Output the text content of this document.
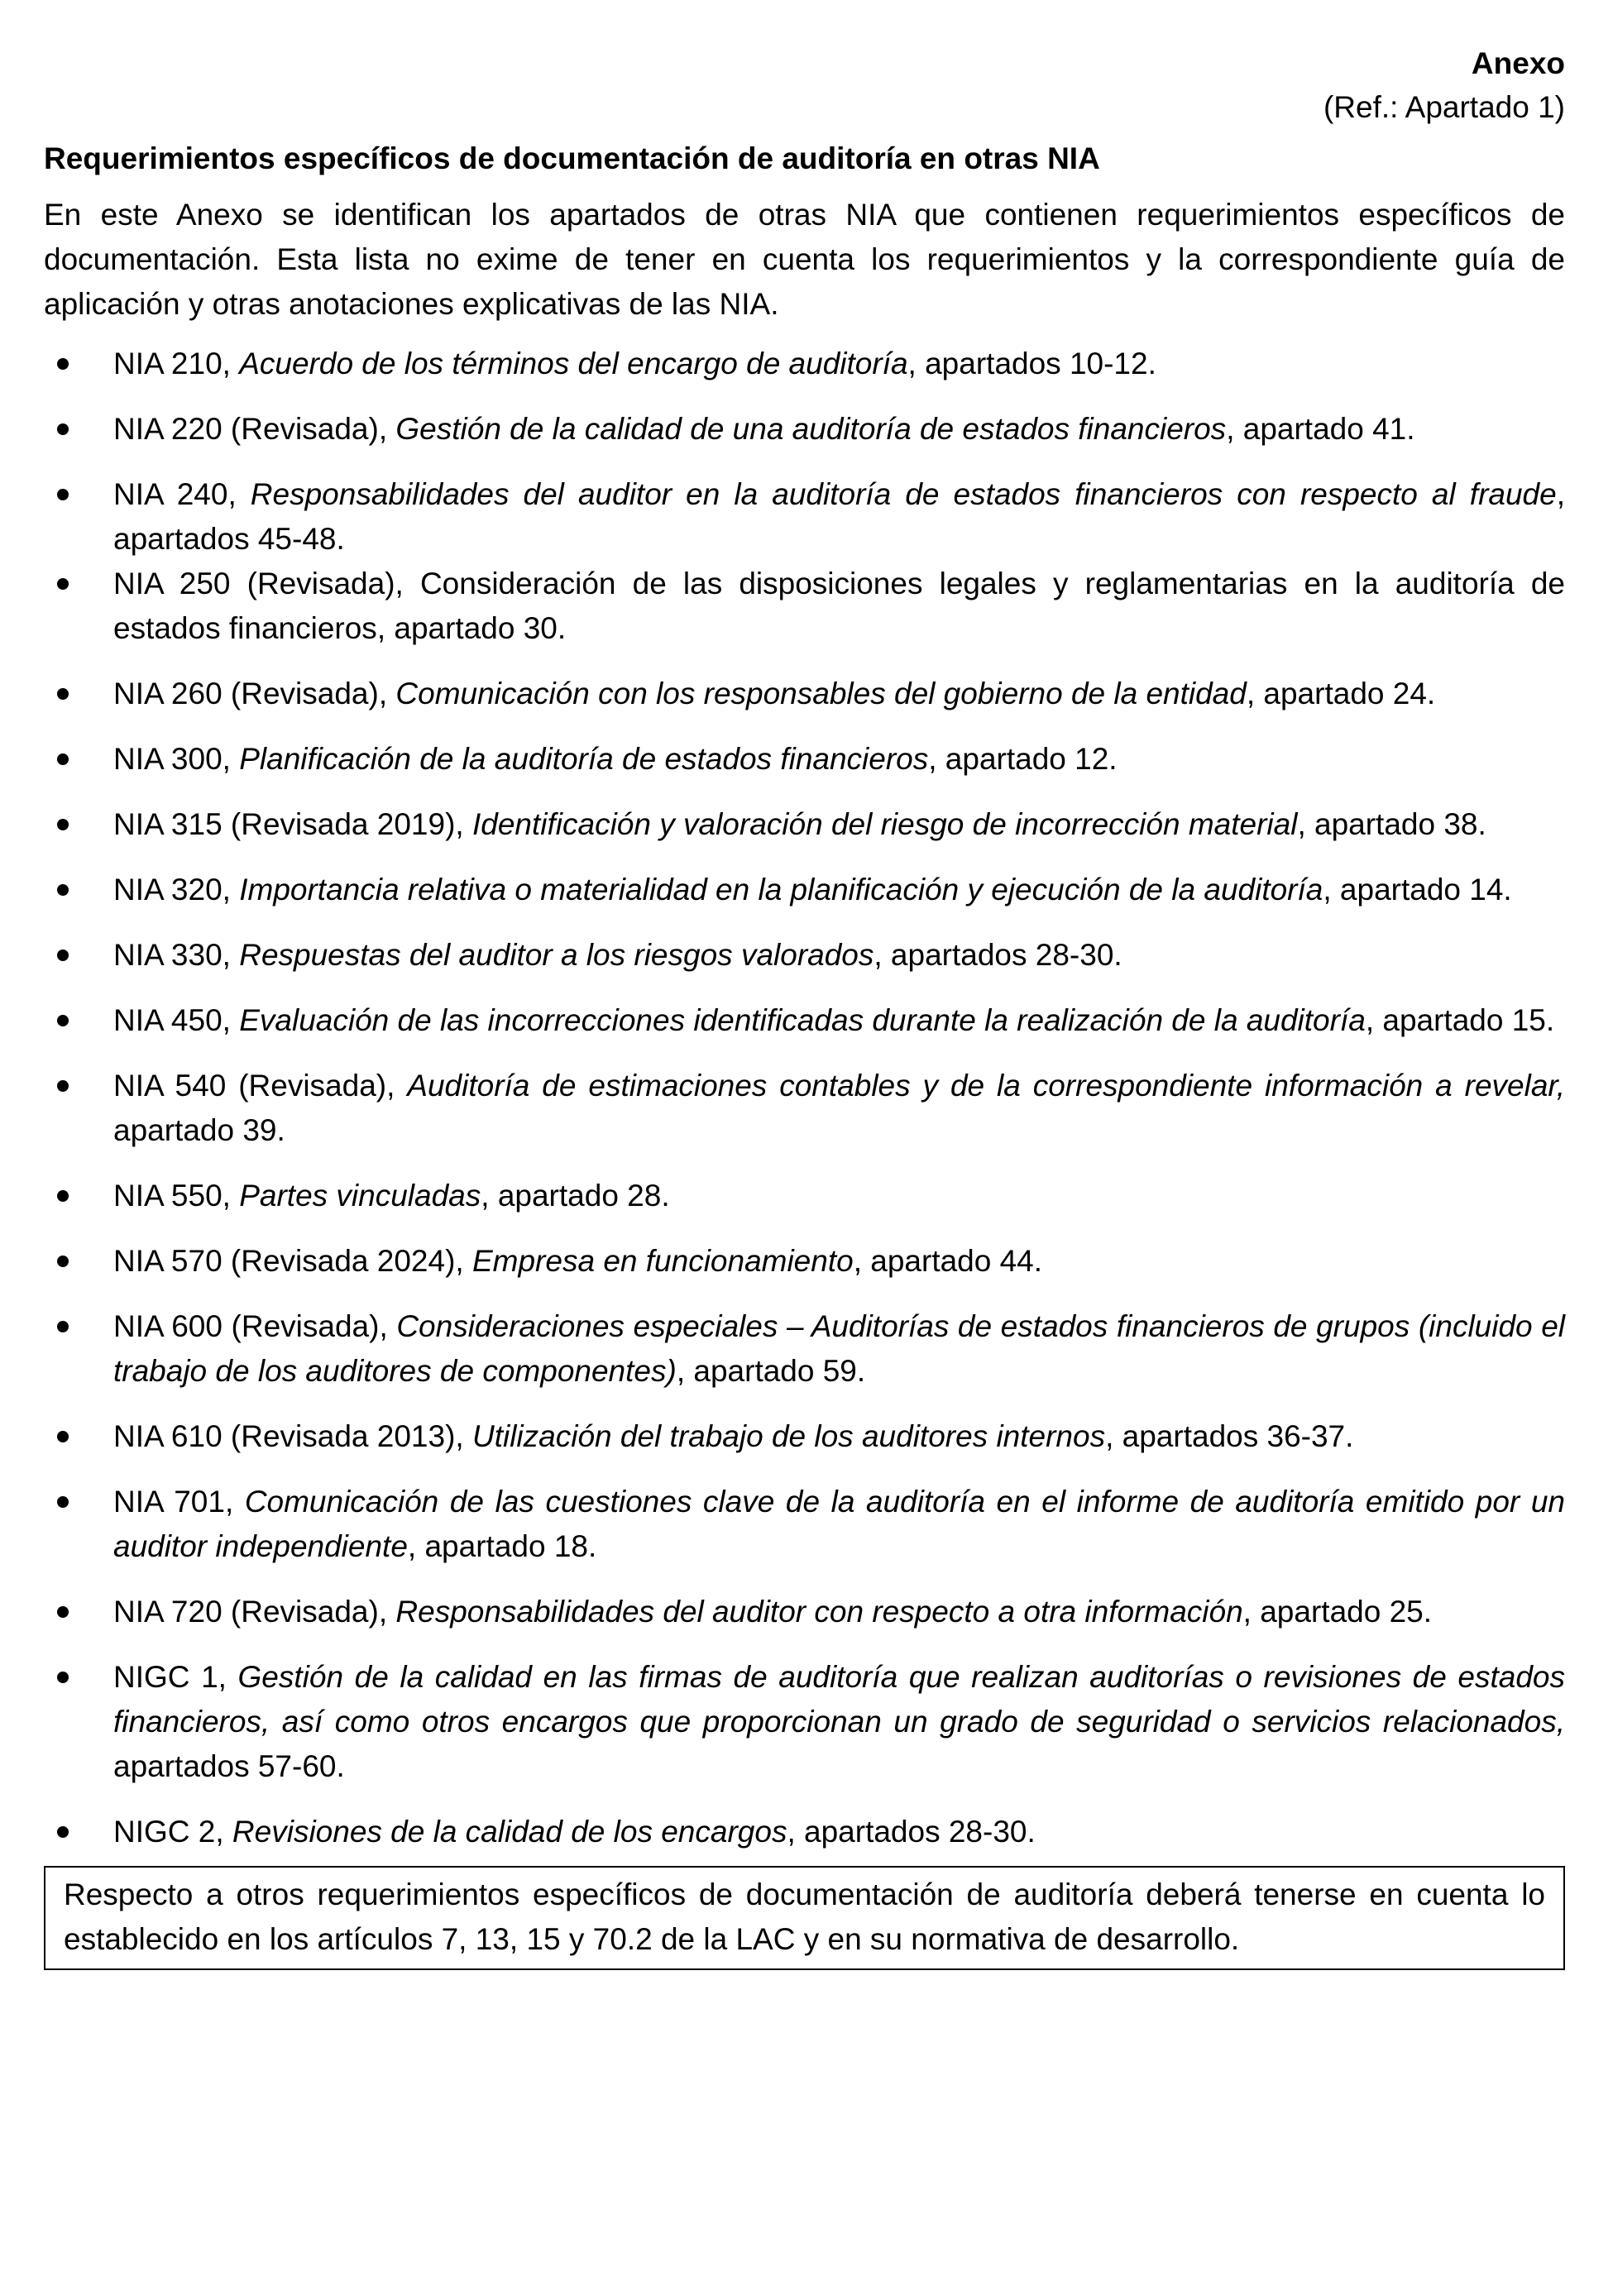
Anexo

(Ref.: Apartado 1)

Requerimientos específicos de documentación de auditoría en otras NIA

En este Anexo se identifican los apartados de otras NIA que contienen requerimientos específicos de documentación. Esta lista no exime de tener en cuenta los requerimientos y la correspondiente guía de aplicación y otras anotaciones explicativas de las NIA.

NIA 210, Acuerdo de los términos del encargo de auditoría, apartados 10-12.
NIA 220 (Revisada), Gestión de la calidad de una auditoría de estados financieros, apartado 41.
NIA 240, Responsabilidades del auditor en la auditoría de estados financieros con respecto al fraude, apartados 45-48.
NIA 250 (Revisada), Consideración de las disposiciones legales y reglamentarias en la auditoría de estados financieros, apartado 30.
NIA 260 (Revisada), Comunicación con los responsables del gobierno de la entidad, apartado 24.
NIA 300, Planificación de la auditoría de estados financieros, apartado 12.
NIA 315 (Revisada 2019), Identificación y valoración del riesgo de incorrección material, apartado 38.
NIA 320, Importancia relativa o materialidad en la planificación y ejecución de la auditoría, apartado 14.
NIA 330, Respuestas del auditor a los riesgos valorados, apartados 28-30.
NIA 450, Evaluación de las incorrecciones identificadas durante la realización de la auditoría, apartado 15.
NIA 540 (Revisada), Auditoría de estimaciones contables y de la correspondiente información a revelar, apartado 39.
NIA 550, Partes vinculadas, apartado 28.
NIA 570 (Revisada 2024), Empresa en funcionamiento, apartado 44.
NIA 600 (Revisada), Consideraciones especiales – Auditorías de estados financieros de grupos (incluido el trabajo de los auditores de componentes), apartado 59.
NIA 610 (Revisada 2013), Utilización del trabajo de los auditores internos, apartados 36-37.
NIA 701, Comunicación de las cuestiones clave de la auditoría en el informe de auditoría emitido por un auditor independiente, apartado 18.
NIA 720 (Revisada), Responsabilidades del auditor con respecto a otra información, apartado 25.
NIGC 1, Gestión de la calidad en las firmas de auditoría que realizan auditorías o revisiones de estados financieros, así como otros encargos que proporcionan un grado de seguridad o servicios relacionados, apartados 57-60.
NIGC 2, Revisiones de la calidad de los encargos, apartados 28-30.
Respecto a otros requerimientos específicos de documentación de auditoría deberá tenerse en cuenta lo establecido en los artículos 7, 13, 15 y 70.2 de la LAC y en su normativa de desarrollo.
